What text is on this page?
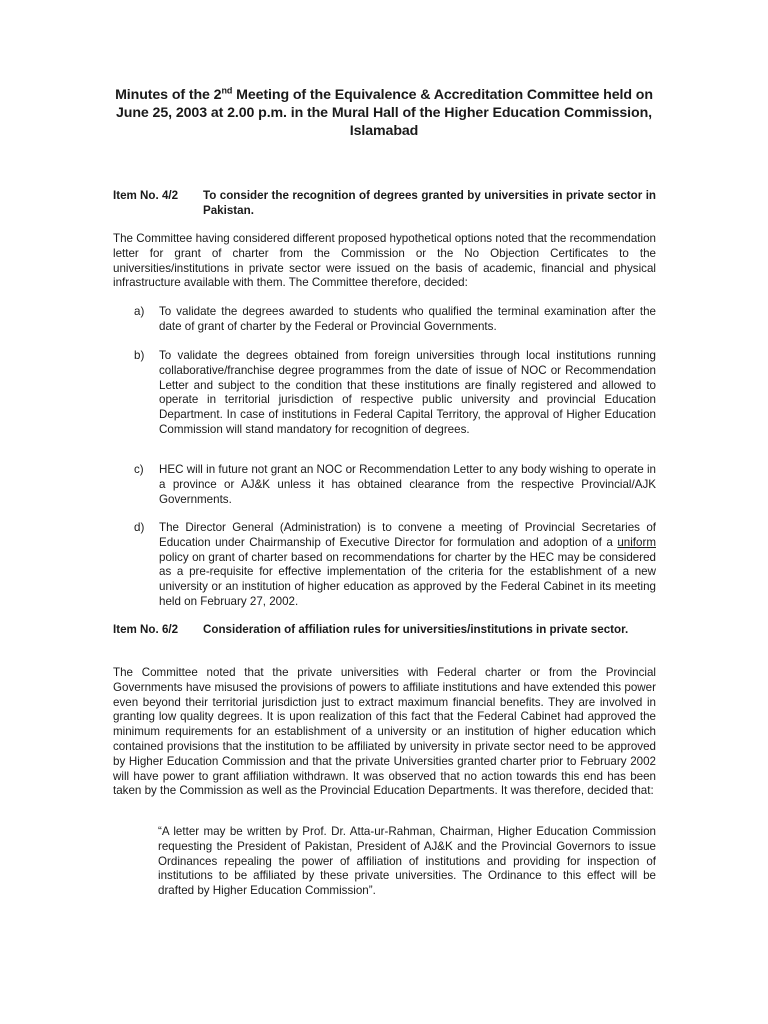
Minutes of the 2nd Meeting of the Equivalence & Accreditation Committee held on
June 25, 2003 at 2.00 p.m. in the Mural Hall of the Higher Education Commission,
Islamabad
Item No. 4/2 To consider the recognition of degrees granted by universities in private sector in Pakistan.
The Committee having considered different proposed hypothetical options noted that the recommendation letter for grant of charter from the Commission or the No Objection Certificates to the universities/institutions in private sector were issued on the basis of academic, financial and physical infrastructure available with them. The Committee therefore, decided:
a) To validate the degrees awarded to students who qualified the terminal examination after the date of grant of charter by the Federal or Provincial Governments.
b) To validate the degrees obtained from foreign universities through local institutions running collaborative/franchise degree programmes from the date of issue of NOC or Recommendation Letter and subject to the condition that these institutions are finally registered and allowed to operate in territorial jurisdiction of respective public university and provincial Education Department. In case of institutions in Federal Capital Territory, the approval of Higher Education Commission will stand mandatory for recognition of degrees.
c) HEC will in future not grant an NOC or Recommendation Letter to any body wishing to operate in a province or AJ&K unless it has obtained clearance from the respective Provincial/AJK Governments.
d) The Director General (Administration) is to convene a meeting of Provincial Secretaries of Education under Chairmanship of Executive Director for formulation and adoption of a uniform policy on grant of charter based on recommendations for charter by the HEC may be considered as a pre-requisite for effective implementation of the criteria for the establishment of a new university or an institution of higher education as approved by the Federal Cabinet in its meeting held on February 27, 2002.
Item No. 6/2 Consideration of affiliation rules for universities/institutions in private sector.
The Committee noted that the private universities with Federal charter or from the Provincial Governments have misused the provisions of powers to affiliate institutions and have extended this power even beyond their territorial jurisdiction just to extract maximum financial benefits. They are involved in granting low quality degrees. It is upon realization of this fact that the Federal Cabinet had approved the minimum requirements for an establishment of a university or an institution of higher education which contained provisions that the institution to be affiliated by university in private sector need to be approved by Higher Education Commission and that the private Universities granted charter prior to February 2002 will have power to grant affiliation withdrawn. It was observed that no action towards this end has been taken by the Commission as well as the Provincial Education Departments. It was therefore, decided that:
“A letter may be written by Prof. Dr. Atta-ur-Rahman, Chairman, Higher Education Commission requesting the President of Pakistan, President of AJ&K and the Provincial Governors to issue Ordinances repealing the power of affiliation of institutions and providing for inspection of institutions to be affiliated by these private universities. The Ordinance to this effect will be drafted by Higher Education Commission”.
